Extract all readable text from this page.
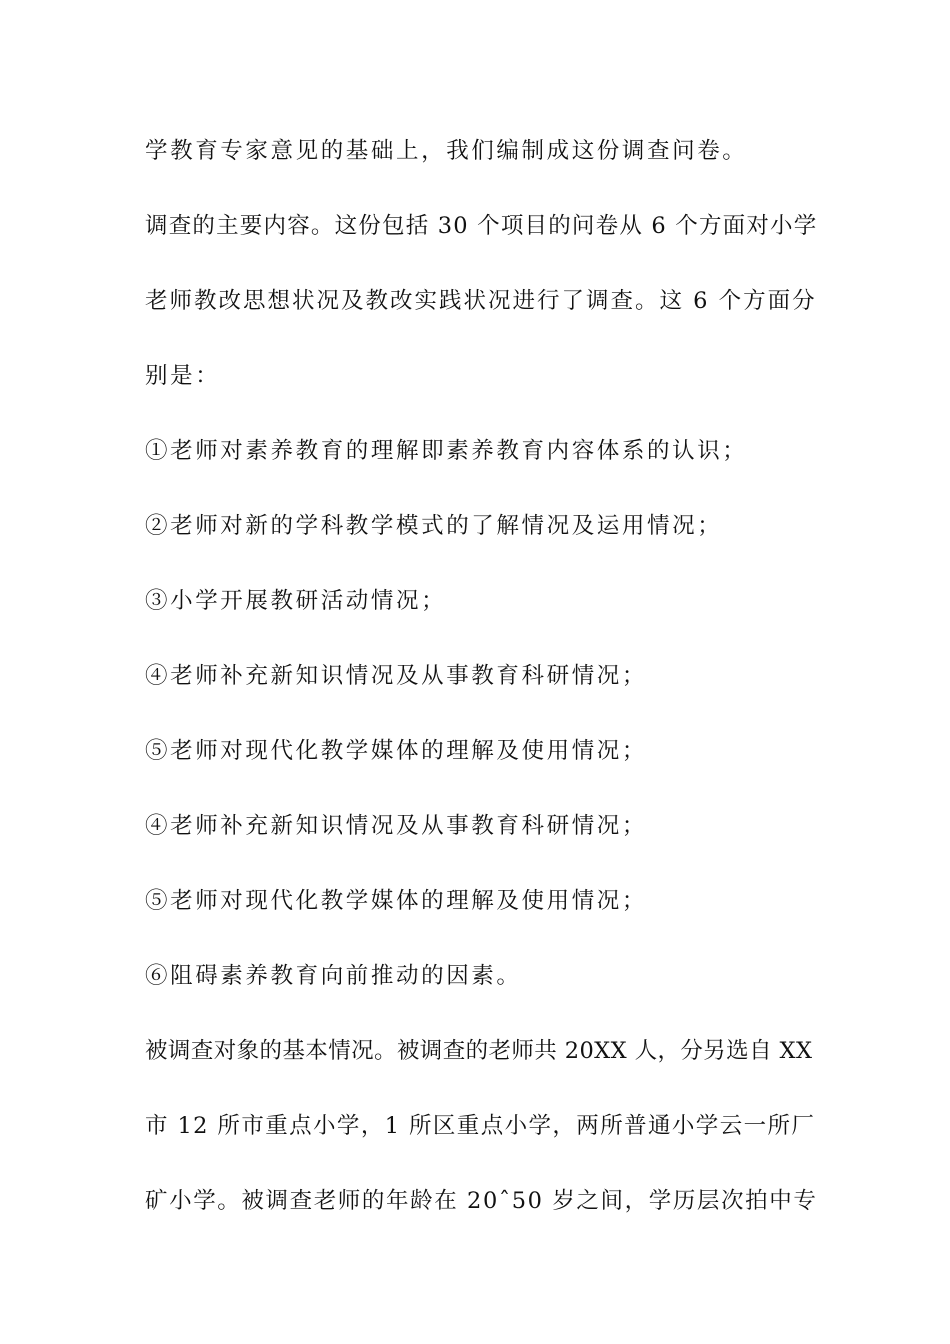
学教育专家意见的基础上，我们编制成这份调查问卷。
调查的主要内容。这份包括 30 个项目的问卷从 6 个方面对小学
老师教改思想状况及教改实践状况进行了调查。这 6 个方面分
别是：
①老师对素养教育的理解即素养教育内容体系的认识；
②老师对新的学科教学模式的了解情况及运用情况；
③小学开展教研活动情况；
④老师补充新知识情况及从事教育科研情况；
⑤老师对现代化教学媒体的理解及使用情况；
④老师补充新知识情况及从事教育科研情况；
⑤老师对现代化教学媒体的理解及使用情况；
⑥阻碍素养教育向前推动的因素。
被调查对象的基本情况。被调查的老师共 20XX 人，分另选自 XX
市 12 所市重点小学，1 所区重点小学，两所普通小学云一所厂
矿小学。被调查老师的年龄在 20ˆ50 岁之间，学历层次拍中专
